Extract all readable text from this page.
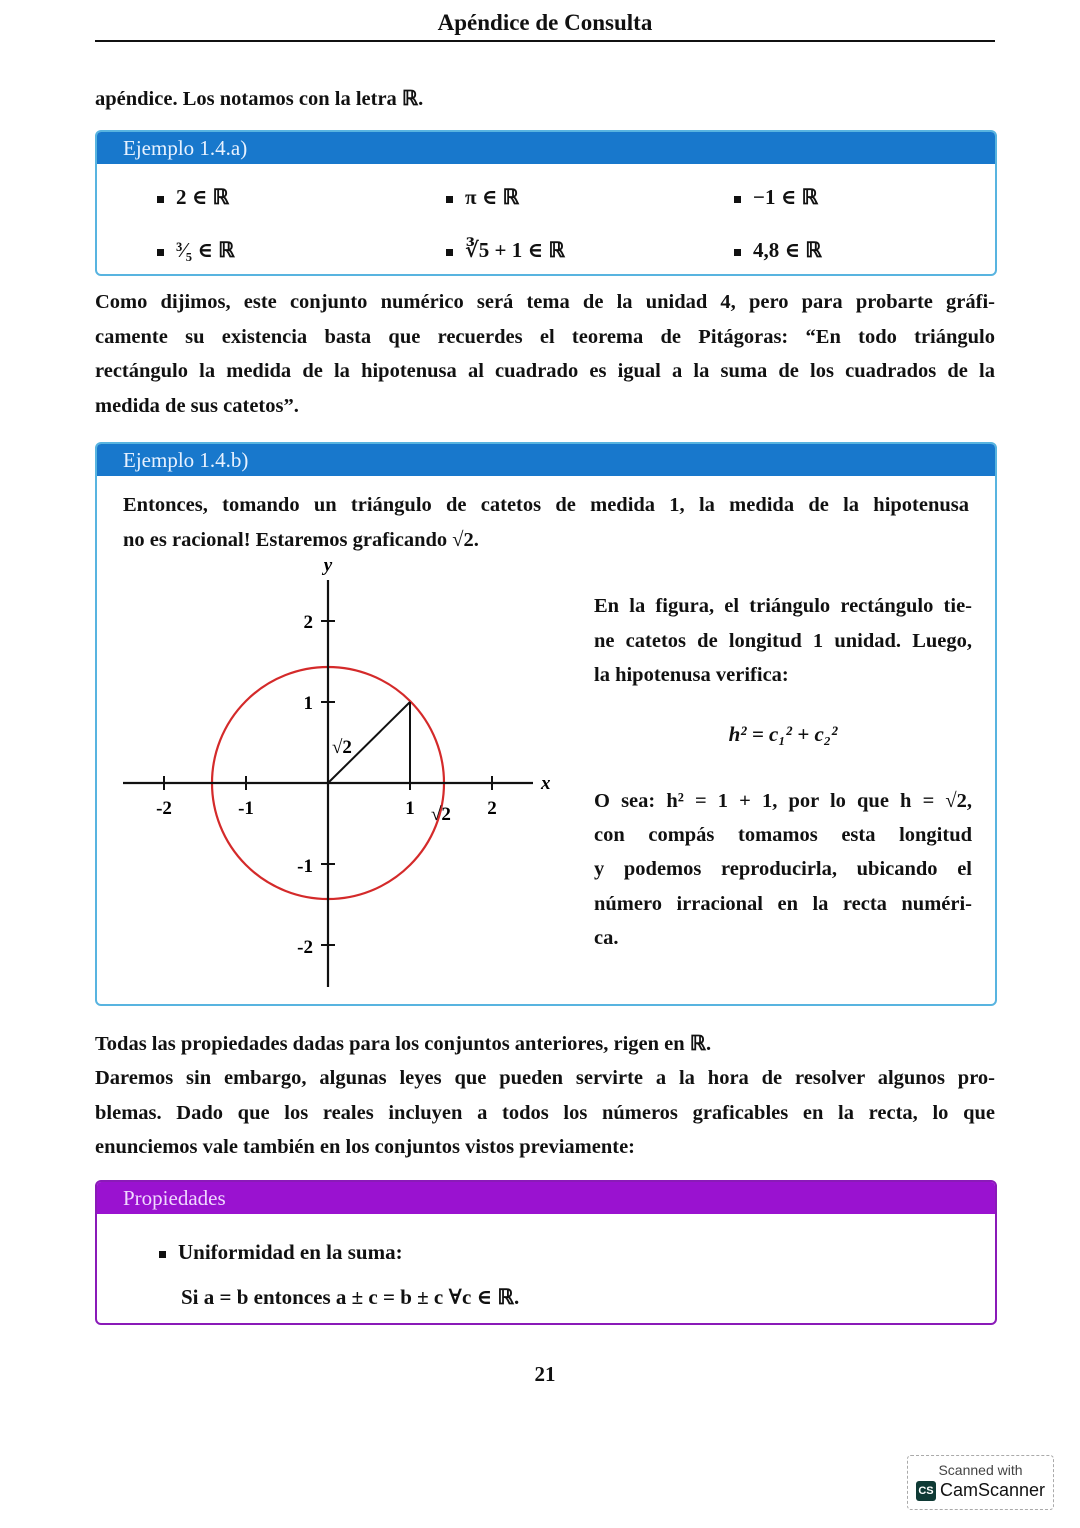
Apéndice de Consulta
apéndice. Los notamos con la letra ℝ.
Ejemplo 1.4.a)
2 ∈ ℝ	π ∈ ℝ	−1 ∈ ℝ
³⁄₅ ∈ ℝ	∛5 + 1 ∈ ℝ	4,8 ∈ ℝ
Como dijimos, este conjunto numérico será tema de la unidad 4, pero para probarte gráfi-
camente su existencia basta que recuerdes el teorema de Pitágoras: “En todo triángulo
rectángulo la medida de la hipotenusa al cuadrado es igual a la suma de los cuadrados de la
medida de sus catetos”.
Ejemplo 1.4.b)
Entonces, tomando un triángulo de catetos de medida 1, la medida de la hipotenusa
no es racional! Estaremos graficando √2.
En la figura, el triángulo rectángulo tie-
ne catetos de longitud 1 unidad. Luego,
la hipotenusa verifica:
h² = c₁² + c₂²
O sea: h² = 1 + 1, por lo que h = √2,
con compás tomamos esta longitud
y podemos reproducirla, ubicando el
número irracional en la recta numéri-
ca.
-2	-1	1	2
2
1
-1
-2
x
y
√2
√2
Todas las propiedades dadas para los conjuntos anteriores, rigen en ℝ.
Daremos sin embargo, algunas leyes que pueden servirte a la hora de resolver algunos pro-
blemas. Dado que los reales incluyen a todos los números graficables en la recta, lo que
enunciemos vale también en los conjuntos vistos previamente:
Propiedades
Uniformidad en la suma:
Si a = b entonces a ± c = b ± c ∀c ∈ ℝ.
21
Scanned with
CS CamScanner
